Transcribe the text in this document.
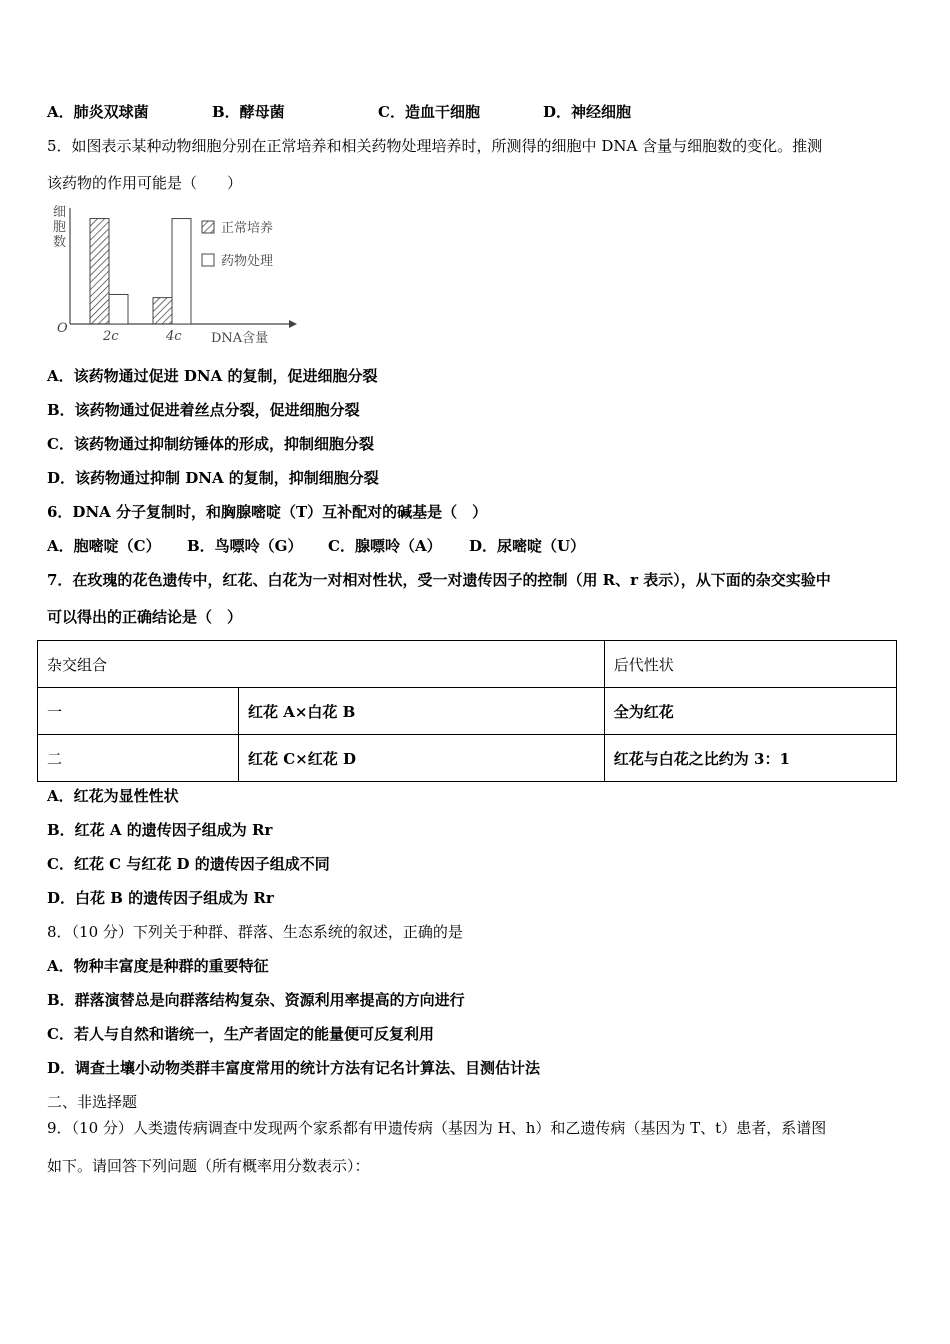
A．肺炎双球菌	B．酵母菌	C．造血干细胞	D．神经细胞
5．如图表示某种动物细胞分别在正常培养和相关药物处理培养时，所测得的细胞中 DNA 含量与细胞数的变化。推测
该药物的作用可能是（　　）
细
胞
数
O
2c	4c DNA含量
正常培养
药物处理
A．该药物通过促进 DNA 的复制，促进细胞分裂
B．该药物通过促进着丝点分裂，促进细胞分裂
C．该药物通过抑制纺锤体的形成，抑制细胞分裂
D．该药物通过抑制 DNA 的复制，抑制细胞分裂
6．DNA 分子复制时，和胸腺嘧啶（T）互补配对的碱基是（　）
A．胞嘧啶（C） B．鸟嘌呤（G） C．腺嘌呤（A） D．尿嘧啶（U）
7．在玫瑰的花色遗传中，红花、白花为一对相对性状，受一对遗传因子的控制（用 R、r 表示），从下面的杂交实验中
可以得出的正确结论是（　）
杂交组合		后代性状
一	红花 A×白花 B	全为红花
二	红花 C×红花 D	红花与白花之比约为 3：1
A．红花为显性性状
B．红花 A 的遗传因子组成为 Rr
C．红花 C 与红花 D 的遗传因子组成不同
D．白花 B 的遗传因子组成为 Rr
8．（10 分）下列关于种群、群落、生态系统的叙述，正确的是
A．物种丰富度是种群的重要特征
B．群落演替总是向群落结构复杂、资源利用率提高的方向进行
C．若人与自然和谐统一，生产者固定的能量便可反复利用
D．调查土壤小动物类群丰富度常用的统计方法有记名计算法、目测估计法
二、非选择题
9．（10 分）人类遗传病调查中发现两个家系都有甲遗传病（基因为 H、h）和乙遗传病（基因为 T、t）患者，系谱图
如下。请回答下列问题（所有概率用分数表示）：
